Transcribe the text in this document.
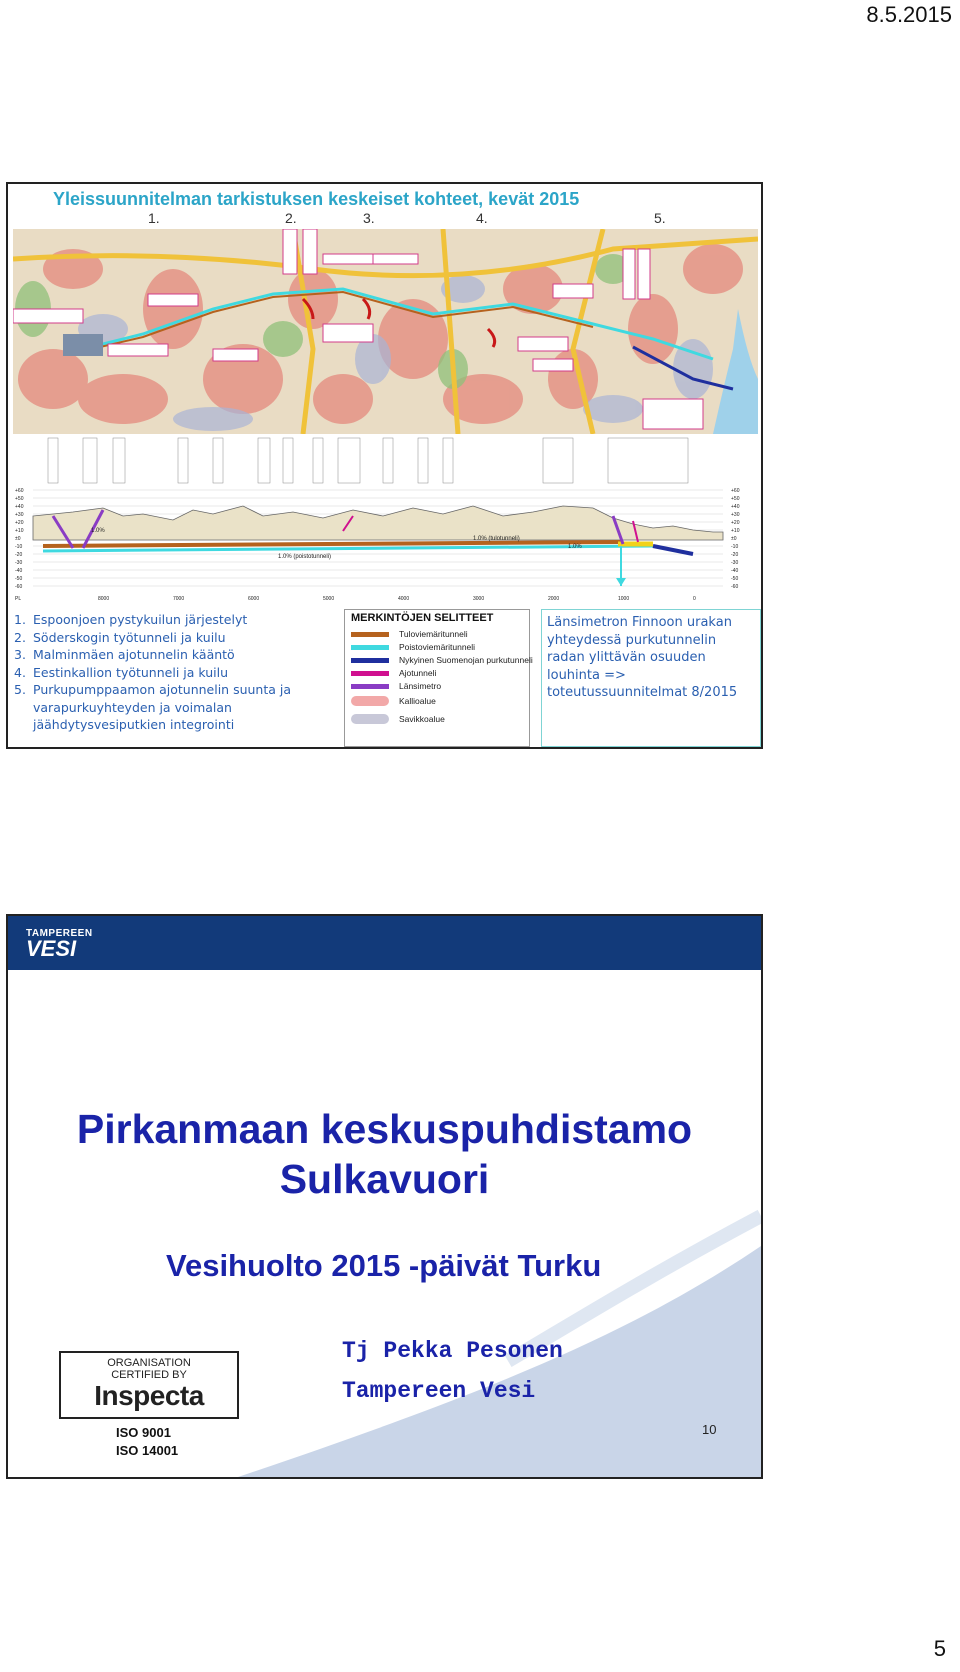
8.5.2015
Yleissuunnitelman tarkistuksen keskeiset kohteet, kevät 2015
1.	2.	3.	4.	5.
1.0%
1.0% (poistotunneli)
1.0% (tulotunneli)
1.0%
+60
+50
+40
+30
+20
+10
±0
-10
-20
-30
-40
-50
-60
+60
+50
+40
+30
+20
+10
±0
-10
-20
-30
-40
-50
-60
PL	8000	7000	6000	5000	4000	3000	2000	1000	0
1. Espoonjoen pystykuilun järjestelyt
2. Söderskogin työtunneli ja kuilu
3. Malminmäen ajotunnelin kääntö
4. Eestinkallion työtunneli ja kuilu
5. Purkupumppaamon ajotunnelin suunta ja varapurkuyhteyden ja voimalan jäähdytysvesiputkien integrointi
MERKINTÖJEN SELITTEET
Tuloviemäritunneli
Poistoviemäritunneli
Nykyinen Suomenojan purkutunneli
Ajotunneli
Länsimetro
Kallioalue
Savikkoalue
Länsimetron Finnoon urakan yhteydessä purkutunnelin radan ylittävän osuuden louhinta => toteutussuunnitelmat 8/2015
TAMPEREEN
VESI
Pirkanmaan keskuspuhdistamo
Sulkavuori
Vesihuolto 2015 -päivät Turku
Tj Pekka Pesonen
Tampereen Vesi
ORGANISATION
CERTIFIED BY
Inspecta
ISO 9001
ISO 14001
10
5
